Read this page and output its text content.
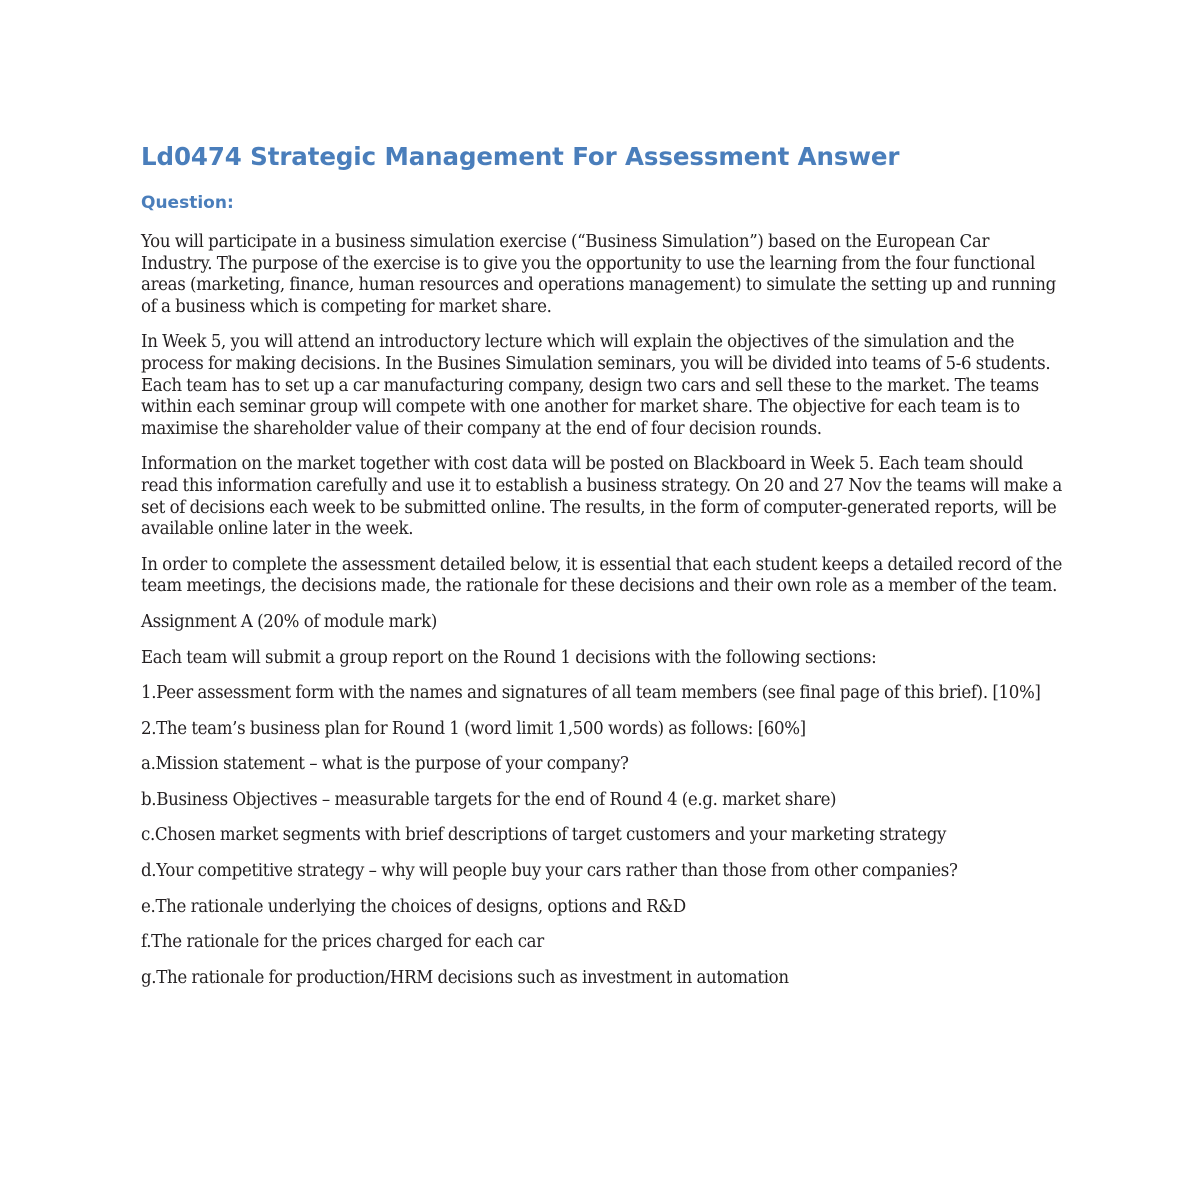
Ld0474 Strategic Management For Assessment Answer
Question:

You will participate in a business simulation exercise (“Business Simulation”) based on the European Car Industry. The purpose of the exercise is to give you the opportunity to use the learning from the four functional areas (marketing, finance, human resources and operations management) to simulate the setting up and running of a business which is competing for market share.

In Week 5, you will attend an introductory lecture which will explain the objectives of the simulation and the process for making decisions. In the Busines Simulation seminars, you will be divided into teams of 5-6 students. Each team has to set up a car manufacturing company, design two cars and sell these to the market. The teams within each seminar group will compete with one another for market share. The objective for each team is to maximise the shareholder value of their company at the end of four decision rounds.

Information on the market together with cost data will be posted on Blackboard in Week 5. Each team should read this information carefully and use it to establish a business strategy. On 20 and 27 Nov the teams will make a set of decisions each week to be submitted online. The results, in the form of computer-generated reports, will be available online later in the week.

In order to complete the assessment detailed below, it is essential that each student keeps a detailed record of the team meetings, the decisions made, the rationale for these decisions and their own role as a member of the team.

Assignment A (20% of module mark)

Each team will submit a group report on the Round 1 decisions with the following sections:

1.Peer assessment form with the names and signatures of all team members (see final page of this brief). [10%]

2.The team’s business plan for Round 1 (word limit 1,500 words) as follows: [60%]

a.Mission statement – what is the purpose of your company?

b.Business Objectives – measurable targets for the end of Round 4 (e.g. market share)

c.Chosen market segments with brief descriptions of target customers and your marketing strategy

d.Your competitive strategy – why will people buy your cars rather than those from other companies?

e.The rationale underlying the choices of designs, options and R&D

f.The rationale for the prices charged for each car

g.The rationale for production/HRM decisions such as investment in automation
